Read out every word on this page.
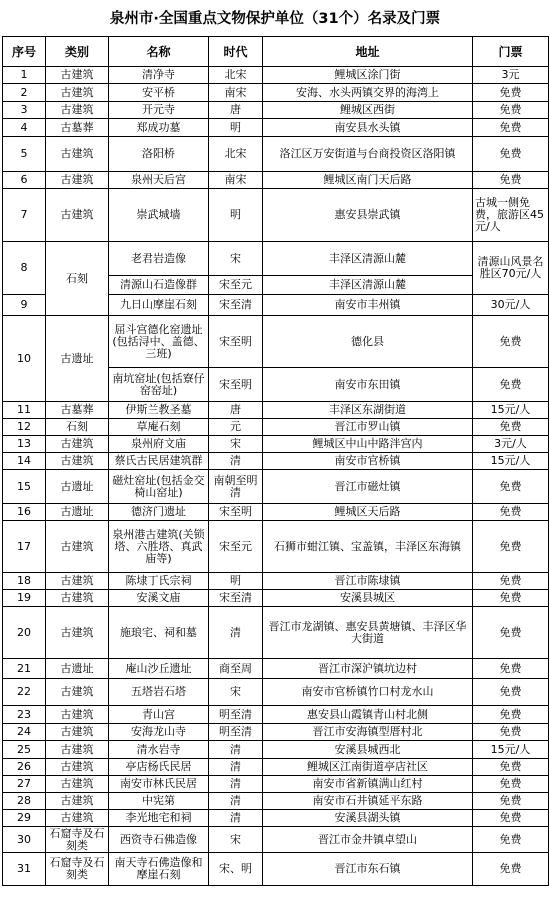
泉州市·全国重点文物保护单位（31个）名录及门票
序号	类别	名称	时代	地址	门票
1	古建筑	清净寺	北宋	鲤城区涂门街	3元
2	古建筑	安平桥	南宋	安海、水头两镇交界的海湾上	免费
3	古建筑	开元寺	唐	鲤城区西街	免费
4	古墓葬	郑成功墓	明	南安县水头镇	免费
5	古建筑	洛阳桥	北宋	洛江区万安街道与台商投资区洛阳镇	免费
6	古建筑	泉州天后宫	南宋	鲤城区南门天后路	免费
7	古建筑	崇武城墙	明	惠安县崇武镇	古城一侧免费，旅游区45元/人
8	石刻	老君岩造像	宋	丰泽区清源山麓	清源山风景名胜区70元/人
		清源山石造像群	宋至元	丰泽区清源山麓	
9		九日山摩崖石刻	宋至清	南安市丰州镇	30元/人
10	古遗址	屈斗宫德化窑遗址(包括浔中、盖德、三班)	宋至明	德化县	免费
		南坑窑址(包括寮仔窑窑址)	宋至明	南安市东田镇	免费
11	古墓葬	伊斯兰教圣墓	唐	丰泽区东湖街道	15元/人
12	石刻	草庵石刻	元	晋江市罗山镇	免费
13	古建筑	泉州府文庙	宋	鲤城区中山中路泮宫内	3元/人
14	古建筑	蔡氏古民居建筑群	清	南安市官桥镇	15元/人
15	古遗址	磁灶窑址(包括金交椅山窑址)	南朝至明清	晋江市磁灶镇	免费
16	古遗址	德济门遗址	宋至明	鲤城区天后路	免费
17	古建筑	泉州港古建筑(关锁塔、六胜塔、真武庙等)	宋至元	石狮市蚶江镇、宝盖镇，丰泽区东海镇	免费
18	古建筑	陈埭丁氏宗祠	明	晋江市陈埭镇	免费
19	古建筑	安溪文庙	宋至清	安溪县城区	免费
20	古建筑	施琅宅、祠和墓	清	晋江市龙湖镇、惠安县黄塘镇、丰泽区华大街道	免费
21	古遗址	庵山沙丘遗址	商至周	晋江市深沪镇坑边村	免费
22	古建筑	五塔岩石塔	宋	南安市官桥镇竹口村龙水山	免费
23	古建筑	青山宫	明至清	惠安县山霞镇青山村北侧	免费
24	古建筑	安海龙山寺	明至清	晋江市安海镇型厝村北	免费
25	古建筑	清水岩寺	清	安溪县城西北	15元/人
26	古建筑	亭店杨氏民居	清	鲤城区江南街道亭店社区	免费
27	古建筑	南安市林氏民居	清	南安市省新镇满山红村	免费
28	古建筑	中宪第	清	南安市石井镇延平东路	免费
29	古建筑	李光地宅和祠	清	安溪县湖头镇	免费
30	石窟寺及石刻类	西资寺石佛造像	宋	晋江市金井镇卓望山	免费
31	石窟寺及石刻类	南天寺石佛造像和摩崖石刻	宋、明	晋江市东石镇	免费
